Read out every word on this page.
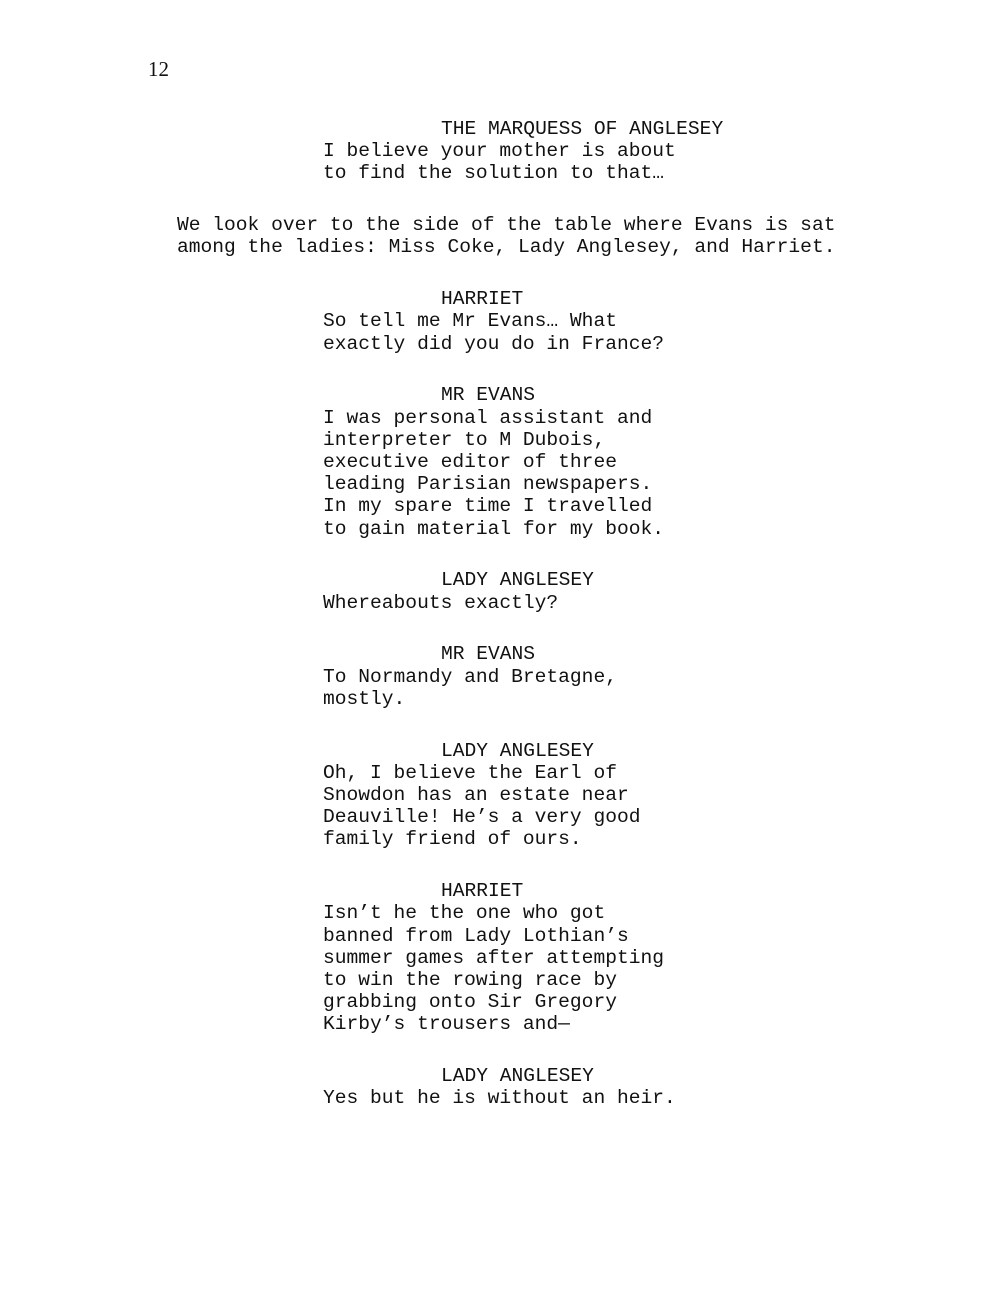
12
THE MARQUESS OF ANGLESEY
I believe your mother is about
to find the solution to that…
We look over to the side of the table where Evans is sat
among the ladies: Miss Coke, Lady Anglesey, and Harriet.
HARRIET
So tell me Mr Evans… What
exactly did you do in France?
MR EVANS
I was personal assistant and
interpreter to M Dubois,
executive editor of three
leading Parisian newspapers.
In my spare time I travelled
to gain material for my book.
LADY ANGLESEY
Whereabouts exactly?
MR EVANS
To Normandy and Bretagne,
mostly.
LADY ANGLESEY
Oh, I believe the Earl of
Snowdon has an estate near
Deauville! He’s a very good
family friend of ours.
HARRIET
Isn’t he the one who got
banned from Lady Lothian’s
summer games after attempting
to win the rowing race by
grabbing onto Sir Gregory
Kirby’s trousers and—
LADY ANGLESEY
Yes but he is without an heir.
